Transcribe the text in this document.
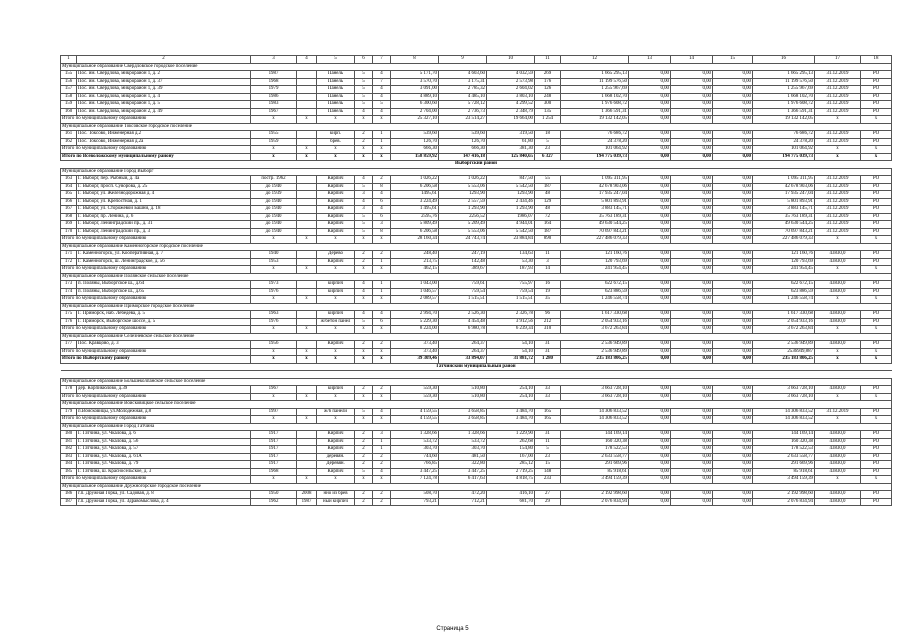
1	2	3	4	5	6	7	8	9	10	11	12	13	14	15	16	17	18
Муниципальное образование Свердловское городское поселение																	
155	Пос. им. Свердлова, микрорайон 1, д. 2	1987		Панель	5	4	5 171,70	4 603,60	4 032,59	269	1 665 295,13	0,00	0,00	0,00	1 665 295,13	31.12.2019	РО
156	Пос. им. Свердлова, микрорайон 1, д. 37	1968		Панель	5	7	3 570,70	3 175,31	2 573,98	176	11 199 576,50	0,00	0,00	0,00	11 199 576,50	31.12.2019	РО
157	Пос. им. Свердлова, микрорайон 1, д. 39	1979		Панель	5	4	3 091,00	2 785,32	2 604,02	126	1 255 967,69	0,00	0,00	0,00	1 255 967,69	31.12.2019	РО
158	Пос. им. Свердлова, микрорайон 1, д. 4	1986		Панель	5	4	4 889,10	4 485,10	3 803,10	248	1 668 102,70	0,00	0,00	0,00	1 668 102,70	31.12.2019	РО
159	Пос. им. Свердлова, микрорайон 1, д. 5	1983		Панель	5	5	6 300,60	5 728,12	4 299,52	300	1 976 608,72	0,00	0,00	0,00	1 976 608,72	31.12.2019	РО
160	Пос. им. Свердлова, микрорайон 2, д. 49	1967		Панель	4	4	2 704,00	2 736,73	2 348,79	135	1 366 591,31	0,00	0,00	0,00	1 366 591,31	31.12.2019	РО
Итого по муниципальному образованию		х	х	х	х	х	25 327,10	23 514,27	19 664,00	1 254	19 132 142,05	0,00	0,00	0,00	19 132 142,05	х	х
Муниципальное образование Токсовское городское поселение																	
161	Пос. Токсово, Инженерная д.2	1955		кирп.	2	1	539,60	539,60	319,50	18	76 686,72	0,00	0,00	0,00	76 686,72	31.12.2019	РО
162	Пос. Токсово, Инженерная д.2а	1959		брев.	2	1	126,70	126,70	61,80	5	24 378,20	0,00	0,00	0,00	24 378,20	31.12.2019	РО
Итого по муниципальному образованию		х	х	х	х	х	666,30	666,30	381,30	23	101 064,92	0,00	0,00	0,00	101 064,92	х	х
Итого по Всеволожскому муниципальному району		х	х	х	х	х	158 859,92	147 416,18	125 840,65	6 327	194 775 039,73	0,00	0,00	0,00	194 775 039,73	х	х
Выборгский район																	
Муниципальное образование Город Выборг																	
163	Г. Выборг, пер. Рыбный, д. 4а	постр. 1962		Кирпич	4	2	1 026,22	1 026,22	847,50	55	1 095 311,95	0,00	0,00	0,00	1 095 311,95	31.12.2019	РО
164	Г. Выборг, просп. Суворова, д. 25	до 1940		Кирпич	5	8	6 206,58	5 553,06	5 542,50	187	42 678 903,06	0,00	0,00	0,00	42 678 903,06	31.12.2019	РО
165	Г. Выборг, ул. Железнодорожная д. 4	до 1939		Кирпич	3	4	1495,61	1293,90	1293,90	48	17 935 247,04	0,00	0,00	0,00	17 935 247,04	31.12.2019	РО
166	Г. Выборг, ул. Крепостная, д. 1	до 1940		Кирпич	4	6	3 224,49	2 557,59	2 434,46	129	5 801 893,91	0,00	0,00	0,00	5 801 893,91	31.12.2019	РО
167	Г. Выборг, ул. Сторожевой Башни, д. 18	до 1940		Кирпич	3	4	1 495,61	1 293,90	1 293,90	48	3 883 145,71	0,00	0,00	0,00	3 883 145,71	31.12.2019	РО
168	Г. Выборг, пр. Ленина, д. 6	до 1940		Кирпич	5	6	2595,76	2256,52	1986,07	72	35 763 189,31	0,00	0,00	0,00	35 763 189,31	31.12.2019	РО
169	Г. Выборг, Ленинградский пр., д. 31	до 1940		Кирпич	5	3	5 809,49	5 209,49	4 944,01	164	49 630 544,25	0,00	0,00	0,00	49 630 544,25	31.12.2019	РО
170	Г. Выборг, Ленинградский пр., д. 3	до 1940		Кирпич	5	8	6 206,58	5 553,06	5 542,50	187	70 697 843,21	0,00	0,00	0,00	70 697 843,21	31.12.2019	РО
Итого по муниципальному образованию		х	х	х	х	х	28 160,34	24 743,74	23 884,84	890	227 486 079,33	0,00	0,00	0,00	227 486 079,33	х	х
Муниципальное образование Каменногорское городское поселение																	
171	Г. Каменногорск, ул. Кооперативная, д. 7	1940		Дерево	2	2	248,40	247,19	134,63	11	121 160,76	0,00	0,00	0,00	121 160,76	43830,0	РО
172	Г. Каменногорск, ш. Ленинградское, д. 56	1953		Кирпич	2	1	213,75	142,48	53,30	3	120 793,69	0,00	0,00	0,00	120 793,69	43830,0	РО
Итого по муниципальному образованию		х	х	х	х	х	462,15	389,67	187,93	14	241 954,45	0,00	0,00	0,00	241 954,45	х	х
Муниципальное образование Полянское сельское поселение																	
173	п. Поляны, Выборгское ш., д.64	1973		кирпич	4	1	1 043,00	759,61	755,97	16	622 672,15	0,00	0,00	0,00	622 672,15	43830,0	РО
174	п. Поляны, Выборгское ш., д.65	1976		кирпич	4	1	1 046,57	759,54	759,54	19	623 886,59	0,00	0,00	0,00	623 886,59	43830,0	РО
Итого по муниципальному образованию		х	х	х	х	х	2 089,57	1 515,51	1 515,51	35	1 246 558,74	0,00	0,00	0,00	1 246 558,74	х	х
Муниципальное образование Приморское городское поселение																	
175	Г. Приморск, наб. Лебедева, д. 5	1963		кирпич	4	4	2 994,70	2 526,30	2 326,78	96	1 617 330,68	0,00	0,00	0,00	1 617 330,68	43830,0	РО
176	Г. Приморск, Выборгское шоссе, д. 5	1976		ж/бетон панел	5	6	5 229,30	4 454,48	3 912,56	212	2 054 933,16	0,00	0,00	0,00	2 054 933,16	43830,0	РО
Итого по муниципальному образованию		х	х	х	х	х	8 224,00	6 980,78	6 239,34	310	3 672 263,84	0,00	0,00	0,00	3 672 263,84	х	х
Муниципальное образование Селезневское сельское поселение																	
177	Пос. Кравцово, д. 3	1956		Кирпич	2	2	373,40	264,37	54,10	31	2 536 949,89	0,00	0,00	0,00	2 536 949,89	43830,0	РО
Итого по муниципальному образованию		х	х	х	х	х	373,40	264,37	54,10	31	2 536 949,89	0,00	0,00	0,00	2536949,887	х	х
Итого по Выборгскому району		х	х	х	х	х	39 309,46	33 894,07	31 881,72	1 280	235 183 806,25	0,00	0,00	0,00	235 183 806,25	х	х
Гатчинский муниципальный район																	

Муниципальное образование Большеколпанское сельское поселение																	
178	дер. Корпикюлово, д.39	1967		кирпич	2	2	559,30	510,80	254,10	33	3 663 728,10	0,00	0,00	0,00	3 663 728,10	43830,0	РО
Итого по муниципальному образованию		х	х	х	х	х	559,30	510,80	254,10	33	3 663 728,10	0,00	0,00	0,00	3 663 728,10	х	х
Муниципальное образование Войсковицкое сельское поселение																	
179	п.Войсковицы, ул.Молодежная, д.8	1997		ж/б панели	5	4	4 159,55	3 658,85	3 484,70	165	14 306 833,52	0,00	0,00	0,00	14 306 833,52	31.12.2019	РО
Итого по муниципальному образованию		х	х	х	х	х	4 159,55	3 658,85	3 484,70	165	14 306 833,52	0,00	0,00	0,00	14 306 833,52	х	х
Муниципальное образование Город Гатчина																	
180	Г. Гатчина, ул. Чкалова, д. 6	1917		Кирпич	2	3	1 328,66	1 328,66	1 229,90	31	144 169,14	0,00	0,00	0,00	144 169,14	43830,0	РО
181	Г. Гатчина, ул. Чкалова, д. 56	1917		Кирпич	2	1	533,72	533,72	262,68	11	160 320,38	0,00	0,00	0,00	160 320,38	43830,0	РО
182	Г. Гатчина, ул. Чкалова, д. 57	1917		Кирпич	2	1	303,70	303,70	154,80	5	178 522,53	0,00	0,00	0,00	178 522,53	43830,0	РО
183	Г. Гатчина, ул. Чкалова, д. 61А	1917		деревян.	2	2	744,60	481,50	167,00	23	2 633 558,77	0,00	0,00	0,00	2 633 558,77	43830,0	РО
184	Г. Гатчина, ул. Чкалова, д. 79	1917		Деревян.	2	2	766,85	322,80	285,12	15	291 669,96	0,00	0,00	0,00	291 669,96	43830,0	РО
185	Г. Гатчина, ш. Красносельское, д. 3	1968		Кирпич	5	4	3 447,25	3 447,25	2 719,25	148	85 918,61	0,00	0,00	0,00	85 918,61	43830,0	РО
Итого по муниципальному образованию		х	х	х	х	х	7 124,78	6 417,63	4 818,75	233	3 494 159,39	0,00	0,00	0,00	3 494 159,39	х	х
Муниципальное образование Дружногорское городское поселение																	
186	г.п. Дружная Горка, ул. Садовая, д. 8	1950	2008	нно из брев	2	2	508,70	472,20	416,10	27	2 192 998,60	0,00	0,00	0,00	2 192 998,60	43830,0	РО
187	г.п. Дружная Горка, ул. Здравомыслова, д. 4	1962	1987	ный кирпич	2	2	793,21	712,21	681,70	29	2 076 834,94	0,00	0,00	0,00	2 076 834,94	43830,0	РО
Страница 5
